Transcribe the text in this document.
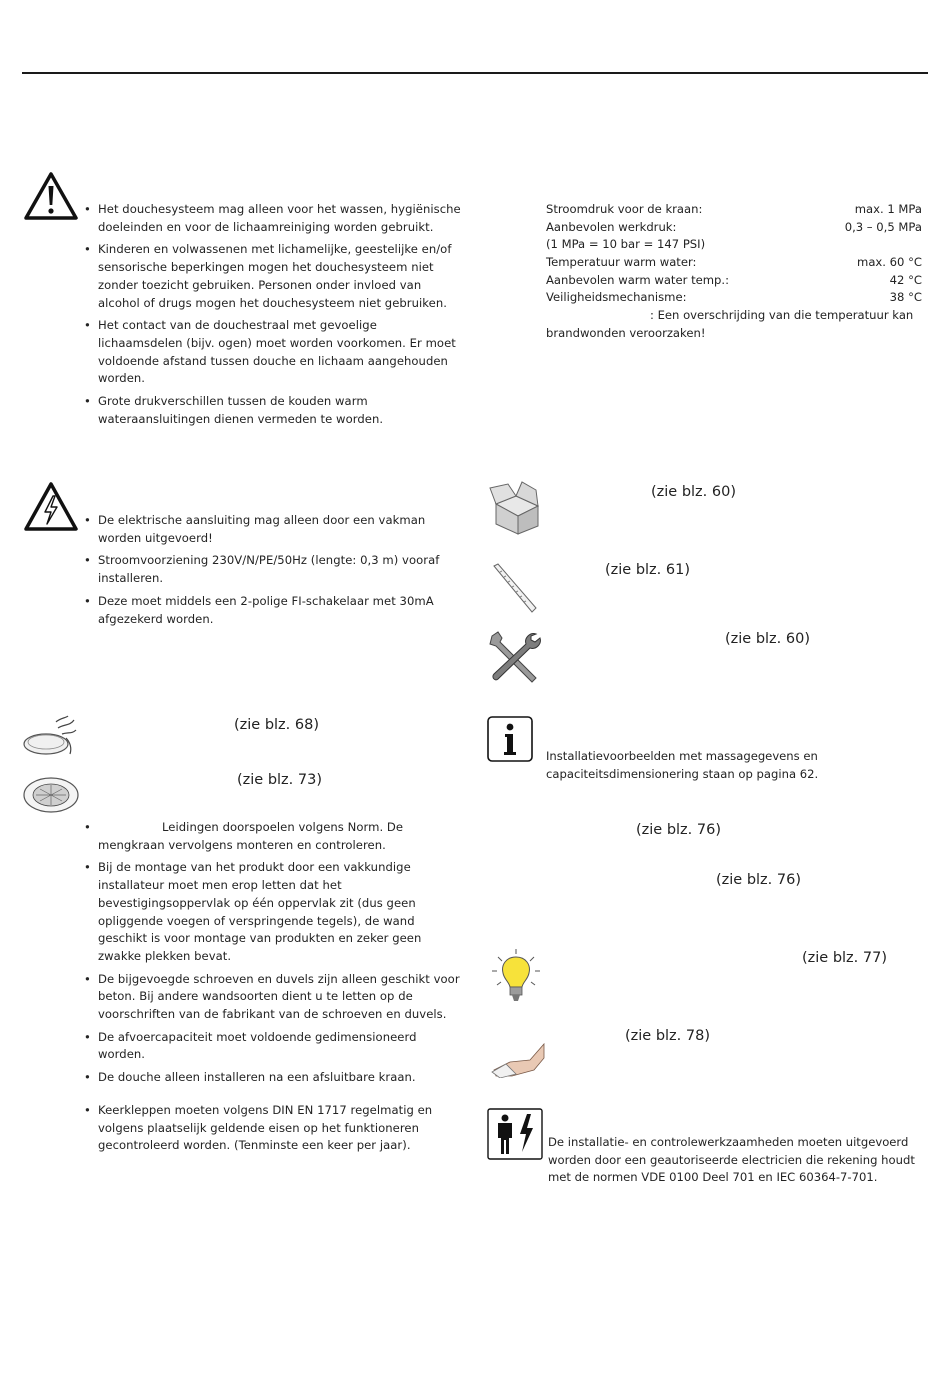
• Het douchesysteem mag alleen voor het wassen, hygiënische doeleinden en voor de lichaamreiniging worden gebruikt.
• Kinderen en volwassenen met lichamelijke, geestelijke en/of sensorische beperkingen mogen het douchesysteem niet zonder toezicht gebruiken. Personen onder invloed van alcohol of drugs mogen het douchesysteem niet gebruiken.
• Het contact van de douchestraal met gevoelige lichaamsdelen (bijv. ogen) moet worden voorkomen. Er moet voldoende afstand tussen douche en lichaam aangehouden worden.
• Grote drukverschillen tussen de kouden warm wateraansluitingen dienen vermeden te worden.
Stroomdruk voor de kraan:	max. 1 MPa
Aanbevolen werkdruk:	0,3 – 0,5 MPa
(1 MPa = 10 bar = 147 PSI)
Temperatuur warm water:	max. 60 °C
Aanbevolen warm water temp.:	42 °C
Veiligheidsmechanisme:	38 °C
: Een overschrijding van die temperatuur kan
brandwonden veroorzaken!
• De elektrische aansluiting mag alleen door een vakman worden uitgevoerd!
• Stroomvoorziening 230V/N/PE/50Hz (lengte: 0,3 m) vooraf installeren.
• Deze moet middels een 2-polige FI-schakelaar met 30mA afgezekerd worden.
(zie blz. 60)
(zie blz. 61)
(zie blz. 60)
(zie blz. 68)
(zie blz. 73)
Installatievoorbeelden met massagegevens en capaciteitsdimensionering staan op pagina 62.
(zie blz. 76)
(zie blz. 76)
• Leidingen doorspoelen volgens Norm. De mengkraan vervolgens monteren en controleren.
• Bij de montage van het produkt door een vakkundige installateur moet men erop letten dat het bevestigingsoppervlak op één oppervlak zit (dus geen opliggende voegen of verspringende tegels), de wand geschikt is voor montage van produkten en zeker geen zwakke plekken bevat.
• De bijgevoegde schroeven en duvels zijn alleen geschikt voor beton. Bij andere wandsoorten dient u te letten op de voorschriften van de fabrikant van de schroeven en duvels.
• De afvoercapaciteit moet voldoende gedimensioneerd worden.
• De douche alleen installeren na een afsluitbare kraan.
(zie blz. 77)
(zie blz. 78)
• Keerkleppen moeten volgens DIN EN 1717 regelmatig en volgens plaatselijk geldende eisen op het funktioneren gecontroleerd worden. (Tenminste een keer per jaar).	De installatie- en controlewerkzaamheden moeten uitgevoerd worden door een geautoriseerde electricien die rekening houdt met de normen VDE 0100 Deel 701 en IEC 60364-7-701.
